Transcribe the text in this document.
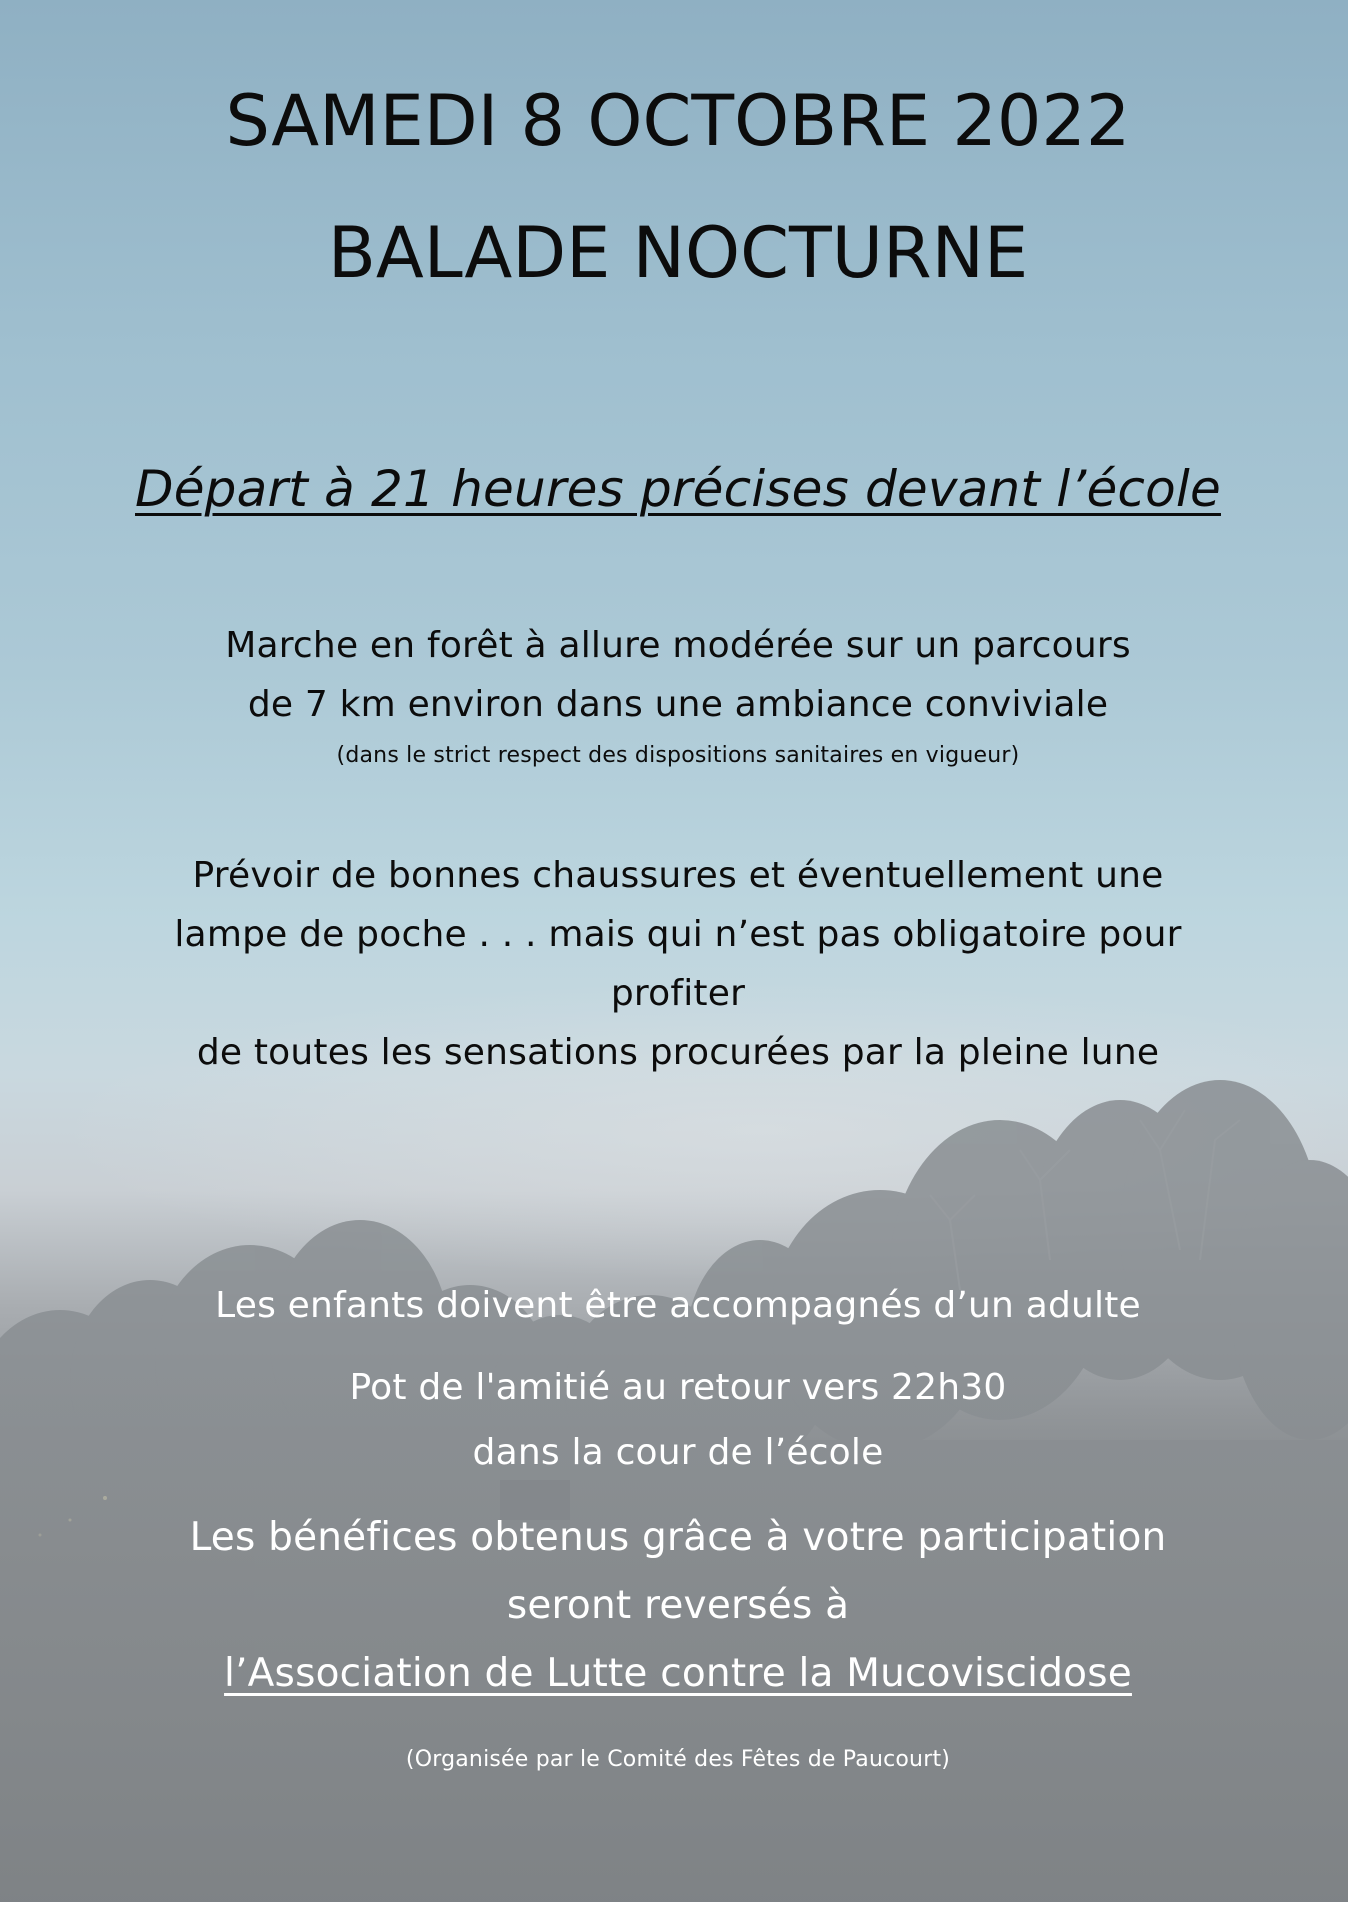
SAMEDI 8 OCTOBRE 2022

BALADE NOCTURNE

Départ à 21 heures précises devant l’école

Marche en forêt à allure modérée sur un parcours

de 7 km environ dans une ambiance conviviale

(dans le strict respect des dispositions sanitaires en vigueur)

Prévoir de bonnes chaussures et éventuellement une

lampe de poche . . . mais qui n’est pas obligatoire pour

profiter

de toutes les sensations procurées par la pleine lune

Les enfants doivent être accompagnés d’un adulte

Pot de l'amitié au retour vers 22h30

dans la cour de l’école

Les bénéfices obtenus grâce à votre participation

seront reversés à

l’Association de Lutte contre la Mucoviscidose

(Organisée par le Comité des Fêtes de Paucourt)
